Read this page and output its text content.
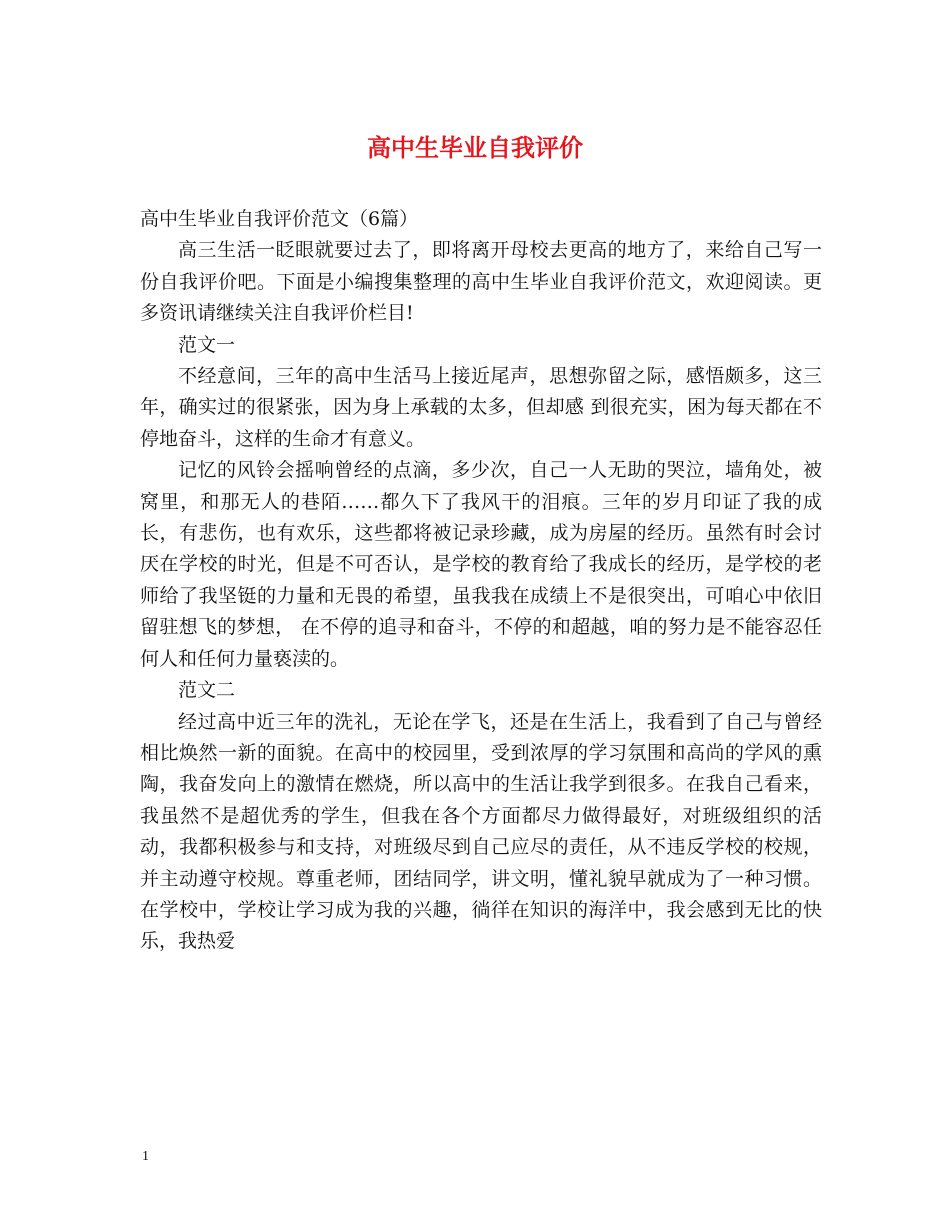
高中生毕业自我评价

高中生毕业自我评价范文（6篇）

高三生活一眨眼就要过去了，即将离开母校去更高的地方了，来给自己写一份自我评价吧。下面是小编搜集整理的高中生毕业自我评价范文，欢迎阅读。更多资讯请继续关注自我评价栏目!

范文一

不经意间，三年的高中生活马上接近尾声，思想弥留之际，感悟颇多，这三年，确实过的很紧张，因为身上承载的太多，但却感 到很充实，困为每天都在不停地奋斗，这样的生命才有意义。

记忆的风铃会摇响曾经的点滴，多少次，自己一人无助的哭泣，墙角处，被窝里，和那无人的巷陌……都久下了我风干的泪痕。三年的岁月印证了我的成长，有悲伤，也有欢乐，这些都将被记录珍藏，成为房屋的经历。虽然有时会讨厌在学校的时光，但是不可否认，是学校的教育给了我成长的经历，是学校的老师给了我坚铤的力量和无畏的希望，虽我我在成绩上不是很突出，可咱心中依旧留驻想飞的梦想， 在不停的追寻和奋斗，不停的和超越，咱的努力是不能容忍任何人和任何力量亵渎的。

范文二

经过高中近三年的洗礼，无论在学飞，还是在生活上，我看到了自己与曾经相比焕然一新的面貌。在高中的校园里，受到浓厚的学习氛围和高尚的学风的熏陶，我奋发向上的激情在燃烧，所以高中的生活让我学到很多。在我自己看来，我虽然不是超优秀的学生，但我在各个方面都尽力做得最好，对班级组织的活动，我都积极参与和支持，对班级尽到自己应尽的责任，从不违反学校的校规，并主动遵守校规。尊重老师，团结同学，讲文明，懂礼貌早就成为了一种习惯。在学校中，学校让学习成为我的兴趣，徜徉在知识的海洋中，我会感到无比的快乐，我热爱

1
